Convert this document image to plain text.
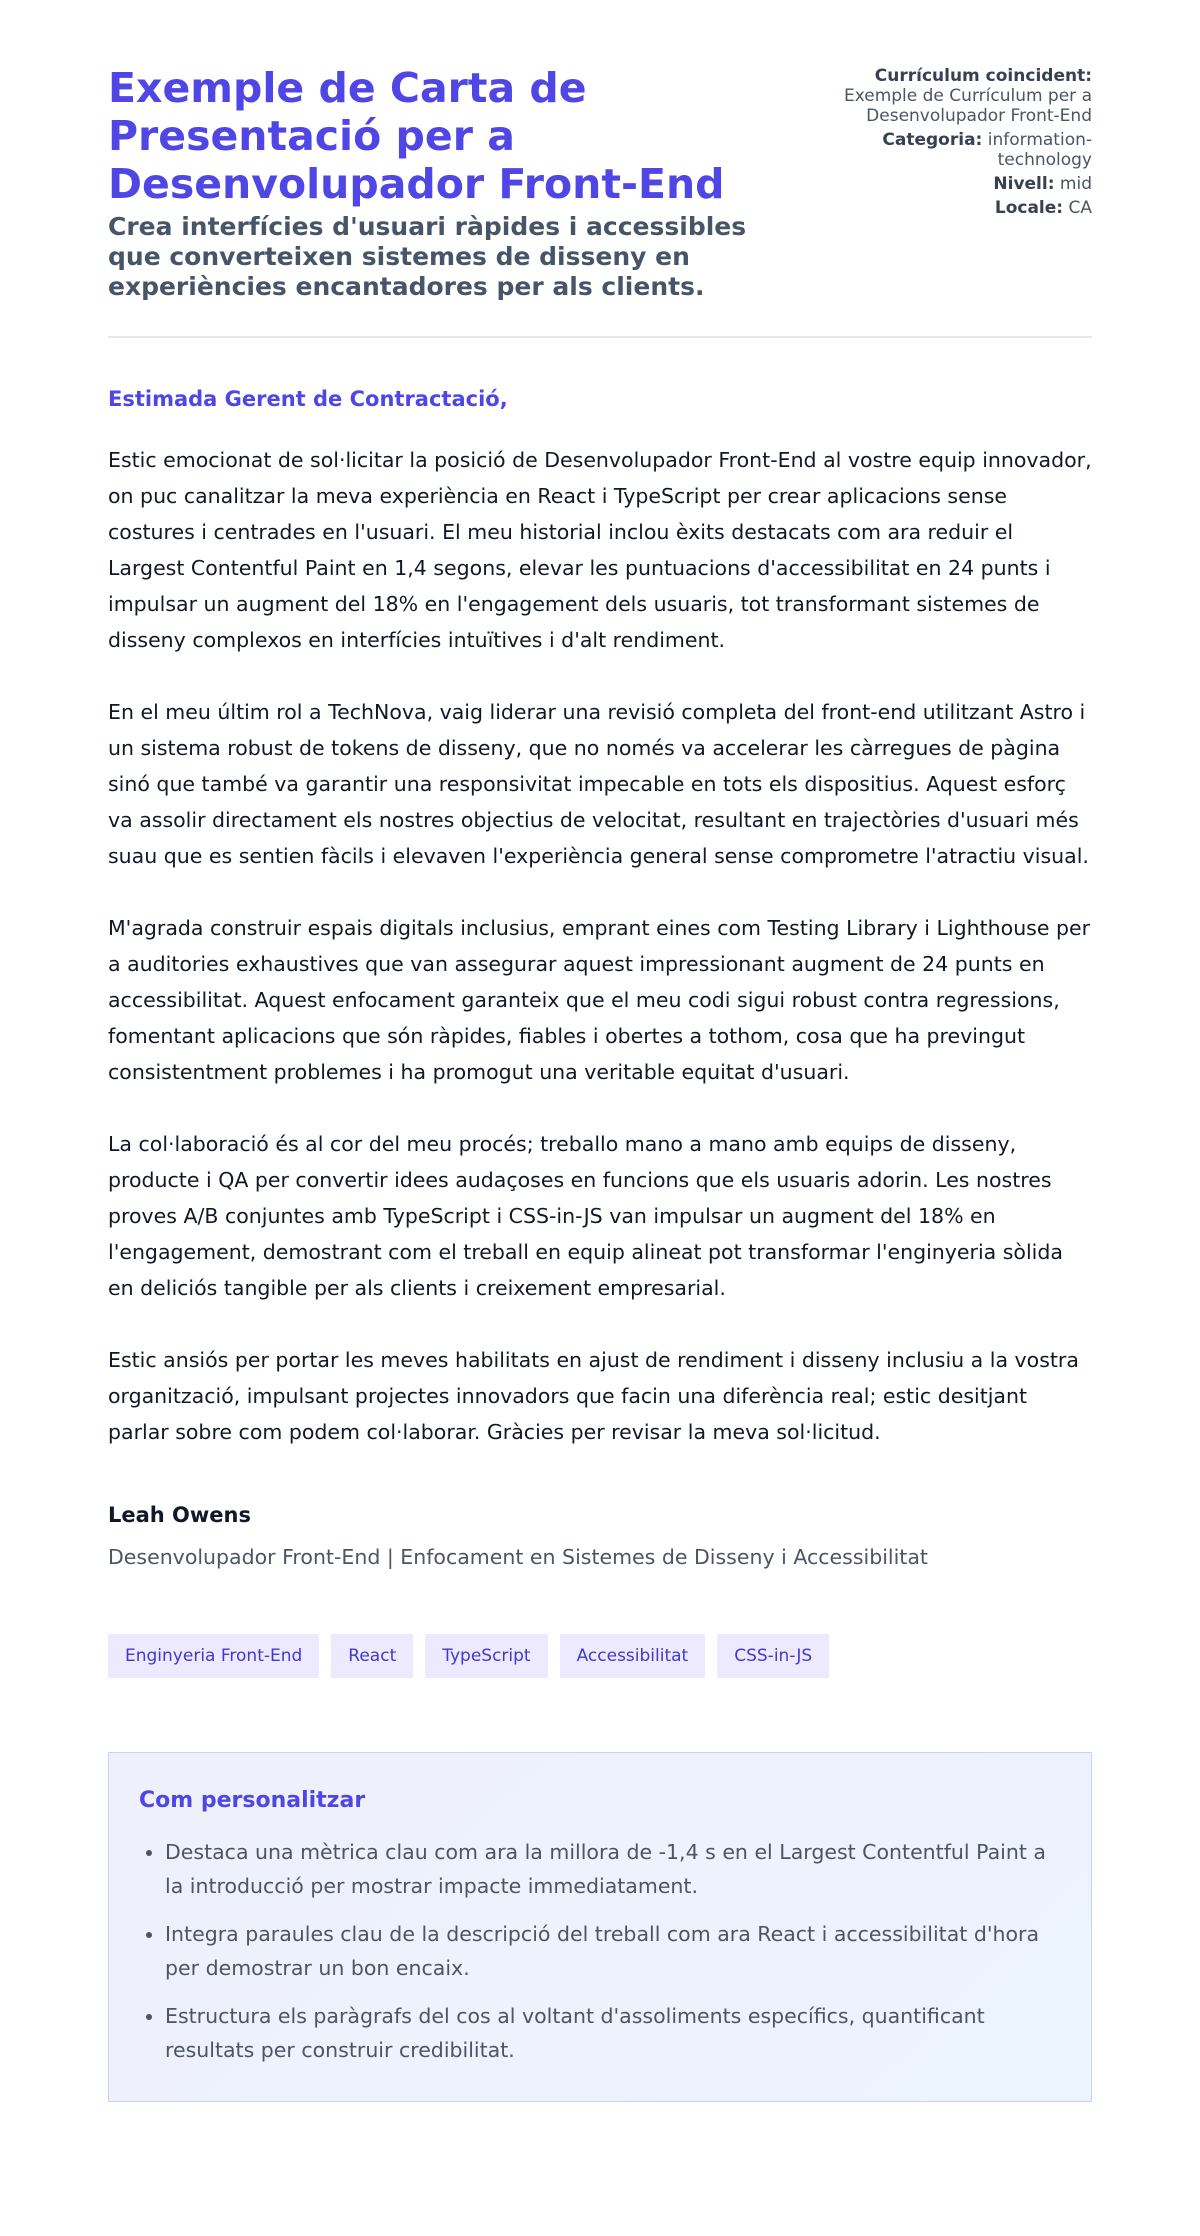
Exemple de Carta de Presentació per a Desenvolupador Front-End
Crea interfícies d'usuari ràpides i accessibles que converteixen sistemes de disseny en experiències encantadores per als clients.
Currículum coincident:
Exemple de Currículum per a Desenvolupador Front-End
Categoria: information-technology
Nivell: mid
Locale: CA
Estimada Gerent de Contractació,

Estic emocionat de sol·licitar la posició de Desenvolupador Front-End al vostre equip innovador, on puc canalitzar la meva experiència en React i TypeScript per crear aplicacions sense costures i centrades en l'usuari. El meu historial inclou èxits destacats com ara reduir el Largest Contentful Paint en 1,4 segons, elevar les puntuacions d'accessibilitat en 24 punts i impulsar un augment del 18% en l'engagement dels usuaris, tot transformant sistemes de disseny complexos en interfícies intuïtives i d'alt rendiment.

En el meu últim rol a TechNova, vaig liderar una revisió completa del front-end utilitzant Astro i un sistema robust de tokens de disseny, que no només va accelerar les càrregues de pàgina sinó que també va garantir una responsivitat impecable en tots els dispositius. Aquest esforç va assolir directament els nostres objectius de velocitat, resultant en trajectòries d'usuari més suau que es sentien fàcils i elevaven l'experiència general sense comprometre l'atractiu visual.

M'agrada construir espais digitals inclusius, emprant eines com Testing Library i Lighthouse per a auditories exhaustives que van assegurar aquest impressionant augment de 24 punts en accessibilitat. Aquest enfocament garanteix que el meu codi sigui robust contra regressions, fomentant aplicacions que són ràpides, fiables i obertes a tothom, cosa que ha previngut consistentment problemes i ha promogut una veritable equitat d'usuari.

La col·laboració és al cor del meu procés; treballo mano a mano amb equips de disseny, producte i QA per convertir idees audaçoses en funcions que els usuaris adorin. Les nostres proves A/B conjuntes amb TypeScript i CSS-in-JS van impulsar un augment del 18% en l'engagement, demostrant com el treball en equip alineat pot transformar l'enginyeria sòlida en deliciós tangible per als clients i creixement empresarial.

Estic ansiós per portar les meves habilitats en ajust de rendiment i disseny inclusiu a la vostra organització, impulsant projectes innovadors que facin una diferència real; estic desitjant parlar sobre com podem col·laborar. Gràcies per revisar la meva sol·licitud.

Leah Owens
Desenvolupador Front-End | Enfocament en Sistemes de Disseny i Accessibilitat
Enginyeria Front-End	React	TypeScript	Accessibilitat	CSS-in-JS
Com personalitzar
• Destaca una mètrica clau com ara la millora de -1,4 s en el Largest Contentful Paint a la introducció per mostrar impacte immediatament.
• Integra paraules clau de la descripció del treball com ara React i accessibilitat d'hora per demostrar un bon encaix.
• Estructura els paràgrafs del cos al voltant d'assoliments específics, quantificant resultats per construir credibilitat.
